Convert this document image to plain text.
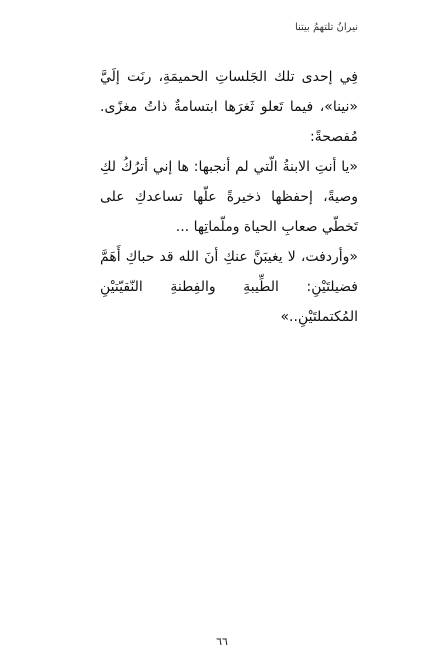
نيرانُ تلتهمُ بيتنا

فِي إحدى تلك الجَلساتِ الحميمَةِ، رنَت إلَيَّ «نينا»، فيما تَعلو ثَغرَها ابتسامةٌ ذاتُ مغزًى. مُفصحةً:

«يا أنتِ الابنةُ الّتي لم أنجبها: ها إني أترُكُ لكِ وصيةً، إحفظها ذخيرةً علّها تساعدكِ على تَخطّي صعابِ الحياة وملّماتِها ...

«وأردفت، لا يغيبَنَّ عنكِ أنَ الله قد حباكِ أَهَمَّ فضيلتَيْنِ: الطِّيبةِ والفِطنةِ النّقيّتيْنِ المُكتملتَيْنِ..»

٦٦
